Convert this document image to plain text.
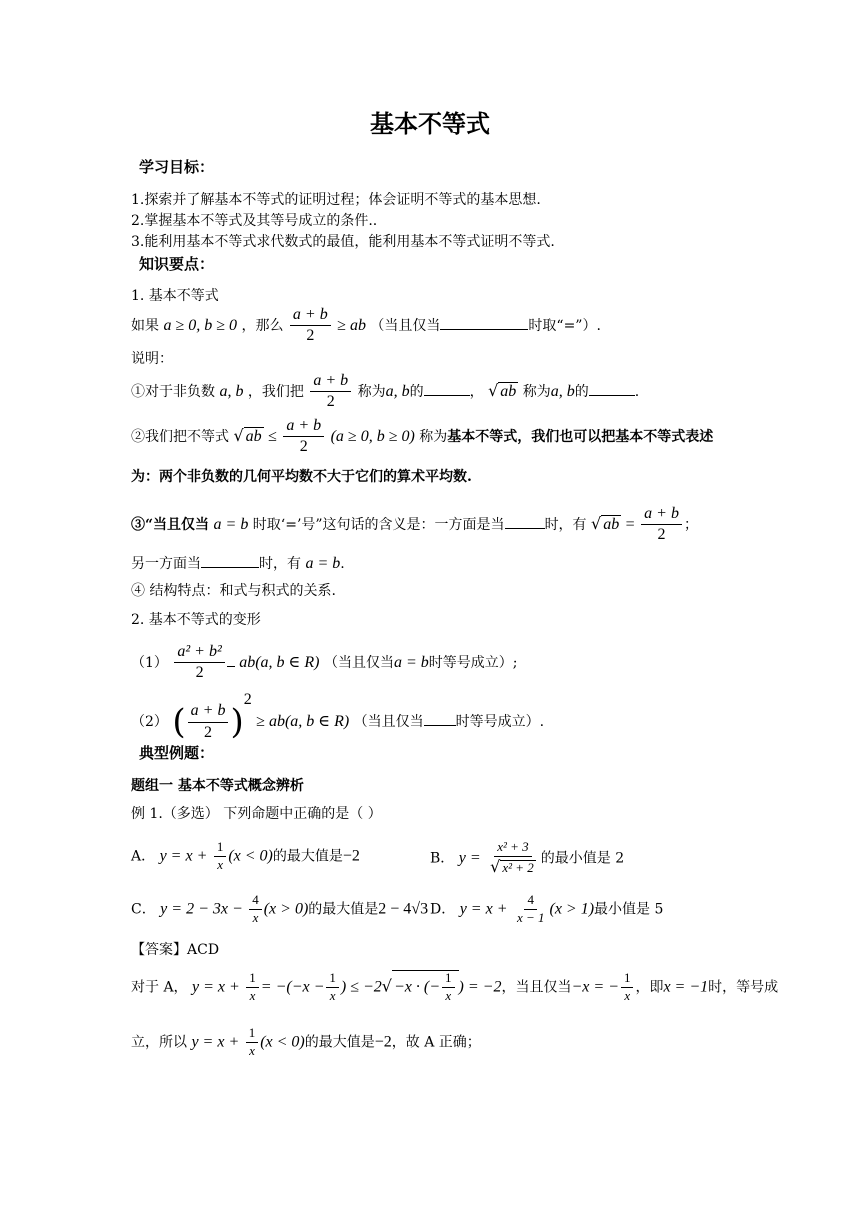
基本不等式
学习目标：
1.探索并了解基本不等式的证明过程；体会证明不等式的基本思想.
2.掌握基本不等式及其等号成立的条件..
3.能利用基本不等式求代数式的最值，能利用基本不等式证明不等式.
知识要点：
1. 基本不等式
如果 a ≥ 0, b ≥ 0 ，那么 $\frac{a + b}{2}$ ≥ ab （当且仅当	时取“=”）.
说明：
①对于非负数 a, b ，我们把 $\frac{a + b}{2}$ 称为a, b的	， √ ab 称为a, b的	.
②我们把不等式 √ ab ≤ $\frac{a + b}{2} (a \ge 0$, b ≥ 0) 称为基本不等式，我们也可以把基本不等式表述
为：两个非负数的几何平均数不大于它们的算术平均数.
③“当且仅当 a = b 时取‘=’号”这句话的含义是：一方面是当	时，有 √ ab = $\frac{a + b}{2}$ ；
另一方面当	时，有 a = b.
④ 结构特点：和式与积式的关系.
2. 基本不等式的变形
$(1) \frac{\text{a² + b²}}{2} ab(a$, b ∈ R) （当且仅当a = b时等号成立）;
（2） ( $\frac{a + b}{2} )^2 \ge ab(a$, b ∈ R) （当且仅当 时等号成立）.
典型例题：
题组一 基本不等式概念辨析
例 1.（多选） 下列命题中正确的是（ ）
A． $y = x + \frac{1}{x} (x < 0)$的最大值是−2	B． $y = \frac{\text{x² + 3}}{\text{√ x² + 2}}$ 的最小值是 2
C． $y = 2 - 3x - \frac{4}{x} (x > 0)$的最大值是2 − 4√3 D． $y = x + \frac{4}{x - 1} (x > 1)$最小值是 5
【答案】ACD
对于 A， $y = x + \frac{1}{x} = -(-x - \frac{1}{x}$ ) ≤ −2√ −x · (− $\frac{1}{x}$ ) = −2，当且仅当−x = − $\frac{1}{x}$ ，即x = −1时，等号成
立，所以 $y = x + \frac{1}{x} (x < 0)$的最大值是−2，故 A 正确；
